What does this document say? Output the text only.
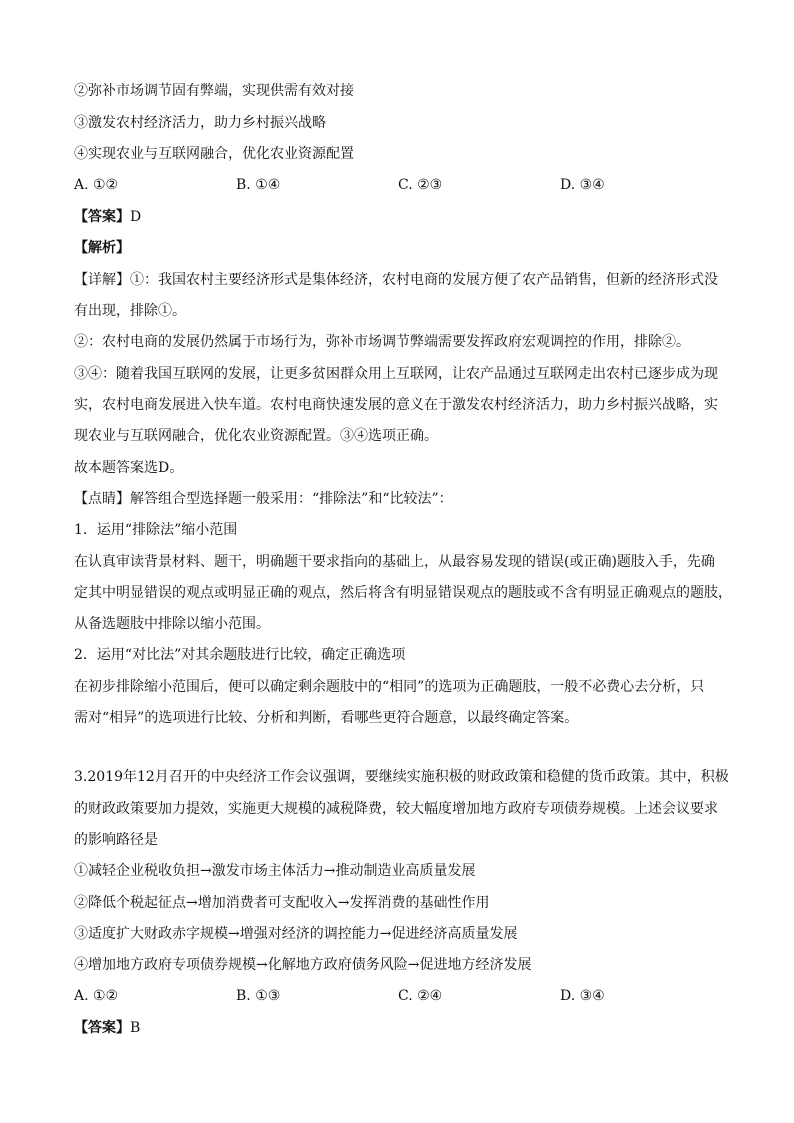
②弥补市场调节固有弊端，实现供需有效对接
③激发农村经济活力，助力乡村振兴战略
④实现农业与互联网融合，优化农业资源配置
A. ①②	B. ①④	C. ②③	D. ③④
【答案】D
【解析】
【详解】①：我国农村主要经济形式是集体经济，农村电商的发展方便了农产品销售，但新的经济形式没
有出现，排除①。
②：农村电商的发展仍然属于市场行为，弥补市场调节弊端需要发挥政府宏观调控的作用，排除②。
③④：随着我国互联网的发展，让更多贫困群众用上互联网，让农产品通过互联网走出农村已逐步成为现
实，农村电商发展进入快车道。农村电商快速发展的意义在于激发农村经济活力，助力乡村振兴战略，实
现农业与互联网融合，优化农业资源配置。③④选项正确。
故本题答案选D。
【点睛】解答组合型选择题一般采用：“排除法”和“比较法”：
1．运用“排除法”缩小范围
在认真审读背景材料、题干，明确题干要求指向的基础上，从最容易发现的错误(或正确)题肢入手，先确
定其中明显错误的观点或明显正确的观点，然后将含有明显错误观点的题肢或不含有明显正确观点的题肢，
从备选题肢中排除以缩小范围。
2．运用“对比法”对其余题肢进行比较，确定正确选项
在初步排除缩小范围后，便可以确定剩余题肢中的“相同”的选项为正确题肢，一般不必费心去分析，只
需对“相异”的选项进行比较、分析和判断，看哪些更符合题意，以最终确定答案。
3.2019年12月召开的中央经济工作会议强调，要继续实施积极的财政政策和稳健的货币政策。其中，积极
的财政政策要加力提效，实施更大规模的减税降费，较大幅度增加地方政府专项债券规模。上述会议要求
的影响路径是
①减轻企业税收负担→激发市场主体活力→推动制造业高质量发展
②降低个税起征点→增加消费者可支配收入→发挥消费的基础性作用
③适度扩大财政赤字规模→增强对经济的调控能力→促进经济高质量发展
④增加地方政府专项债券规模→化解地方政府债务风险→促进地方经济发展
A. ①②	B. ①③	C. ②④	D. ③④
【答案】B
